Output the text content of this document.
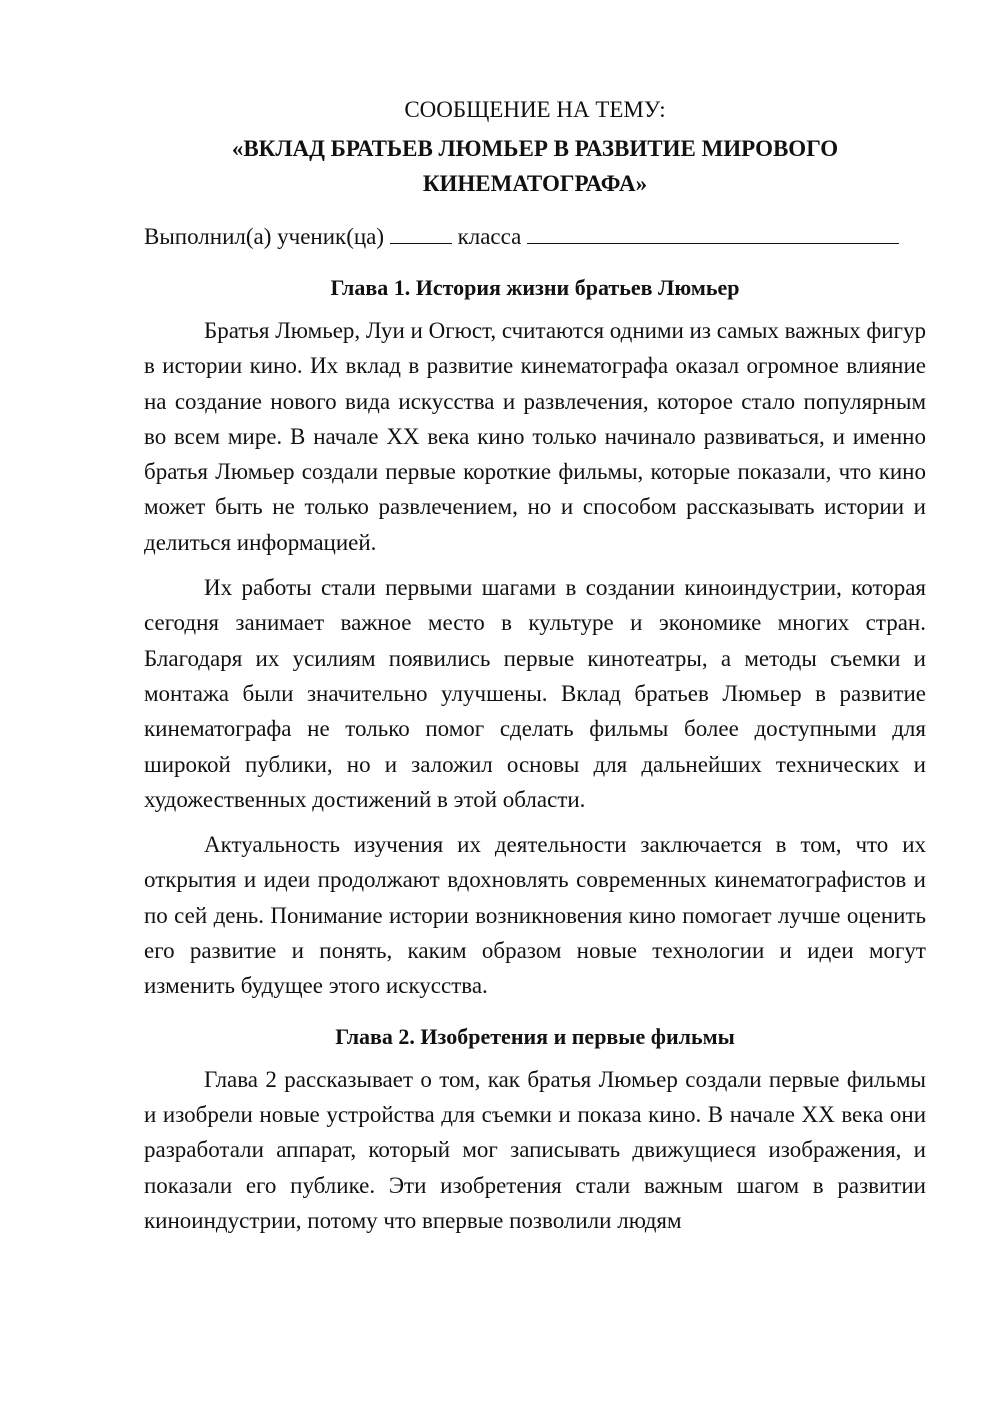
СООБЩЕНИЕ НА ТЕМУ:

«ВКЛАД БРАТЬЕВ ЛЮМЬЕР В РАЗВИТИЕ МИРОВОГО КИНЕМАТОГРАФА»

Выполнил(а) ученик(ца)	класса

Глава 1. История жизни братьев Люмьер

Братья Люмьер, Луи и Огюст, считаются одними из самых важных фигур в истории кино. Их вклад в развитие кинематографа оказал огромное влияние на создание нового вида искусства и развлечения, которое стало популярным во всем мире. В начале XX века кино только начинало развиваться, и именно братья Люмьер создали первые короткие фильмы, которые показали, что кино может быть не только развлечением, но и способом рассказывать истории и делиться информацией.

Их работы стали первыми шагами в создании киноиндустрии, которая сегодня занимает важное место в культуре и экономике многих стран. Благодаря их усилиям появились первые кинотеатры, а методы съемки и монтажа были значительно улучшены. Вклад братьев Люмьер в развитие кинематографа не только помог сделать фильмы более доступными для широкой публики, но и заложил основы для дальнейших технических и художественных достижений в этой области.

Актуальность изучения их деятельности заключается в том, что их открытия и идеи продолжают вдохновлять современных кинематографистов и по сей день. Понимание истории возникновения кино помогает лучше оценить его развитие и понять, каким образом новые технологии и идеи могут изменить будущее этого искусства.

Глава 2. Изобретения и первые фильмы

Глава 2 рассказывает о том, как братья Люмьер создали первые фильмы и изобрели новые устройства для съемки и показа кино. В начале XX века они разработали аппарат, который мог записывать движущиеся изображения, и показали его публике. Эти изобретения стали важным шагом в развитии киноиндустрии, потому что впервые позволили людям
